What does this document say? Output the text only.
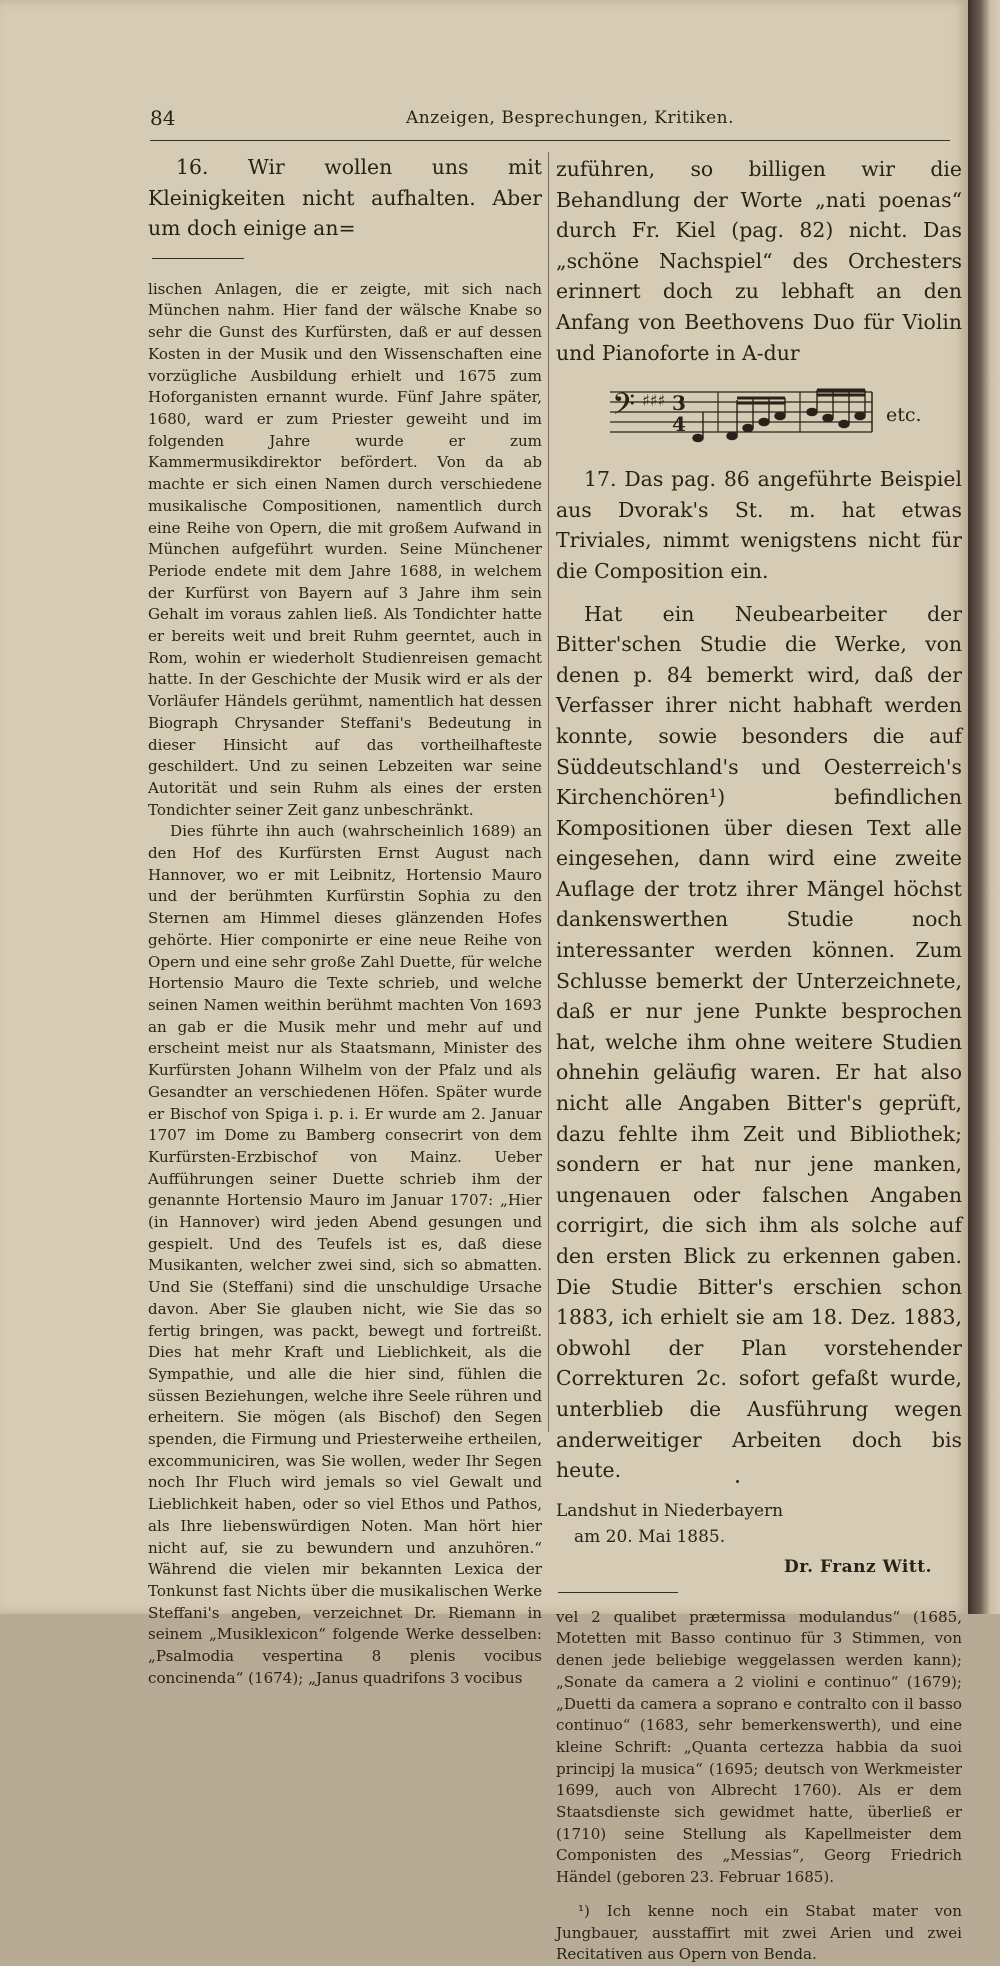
84	Anzeigen, Besprechungen, Kritiken.

16. Wir wollen uns mit Kleinigkeiten nicht aufhalten. Aber um doch einige an=

lischen Anlagen, die er zeigte, mit sich nach München nahm. Hier fand der wälsche Knabe so sehr die Gunst des Kurfürsten, daß er auf dessen Kosten in der Musik und den Wissenschaften eine vorzügliche Ausbildung erhielt und 1675 zum Hoforganisten ernannt wurde. Fünf Jahre später, 1680, ward er zum Priester geweiht und im folgenden Jahre wurde er zum Kammermusikdirektor befördert. Von da ab machte er sich einen Namen durch verschiedene musikalische Compositionen, namentlich durch eine Reihe von Opern, die mit großem Aufwand in München aufgeführt wurden. Seine Münchener Periode endete mit dem Jahre 1688, in welchem der Kurfürst von Bayern auf 3 Jahre ihm sein Gehalt im voraus zahlen ließ. Als Tondichter hatte er bereits weit und breit Ruhm geerntet, auch in Rom, wohin er wiederholt Studienreisen gemacht hatte. In der Geschichte der Musik wird er als der Vorläufer Händels gerühmt, namentlich hat dessen Biograph Chrysander Steffani's Bedeutung in dieser Hinsicht auf das vortheilhafteste geschildert. Und zu seinen Lebzeiten war seine Autorität und sein Ruhm als eines der ersten Tondichter seiner Zeit ganz unbeschränkt.

Dies führte ihn auch (wahrscheinlich 1689) an den Hof des Kurfürsten Ernst August nach Hannover, wo er mit Leibnitz, Hortensio Mauro und der berühmten Kurfürstin Sophia zu den Sternen am Himmel dieses glänzenden Hofes gehörte. Hier componirte er eine neue Reihe von Opern und eine sehr große Zahl Duette, für welche Hortensio Mauro die Texte schrieb, und welche seinen Namen weithin berühmt machten Von 1693 an gab er die Musik mehr und mehr auf und erscheint meist nur als Staatsmann, Minister des Kurfürsten Johann Wilhelm von der Pfalz und als Gesandter an verschiedenen Höfen. Später wurde er Bischof von Spiga i. p. i. Er wurde am 2. Januar 1707 im Dome zu Bamberg consecrirt von dem Kurfürsten-Erzbischof von Mainz. Ueber Aufführungen seiner Duette schrieb ihm der genannte Hortensio Mauro im Januar 1707: „Hier (in Hannover) wird jeden Abend gesungen und gespielt. Und des Teufels ist es, daß diese Musikanten, welcher zwei sind, sich so abmatten. Und Sie (Steffani) sind die unschuldige Ursache davon. Aber Sie glauben nicht, wie Sie das so fertig bringen, was packt, bewegt und fortreißt. Dies hat mehr Kraft und Lieblichkeit, als die Sympathie, und alle die hier sind, fühlen die süssen Beziehungen, welche ihre Seele rühren und erheitern. Sie mögen (als Bischof) den Segen spenden, die Firmung und Priesterweihe ertheilen, excommuniciren, was Sie wollen, weder Ihr Segen noch Ihr Fluch wird jemals so viel Gewalt und Lieblichkeit haben, oder so viel Ethos und Pathos, als Ihre liebenswürdigen Noten. Man hört hier nicht auf, sie zu bewundern und anzuhören.“ Während die vielen mir bekannten Lexica der Tonkunst fast Nichts über die musikalischen Werke Steffani's angeben, verzeichnet Dr. Riemann in seinem „Musiklexicon“ folgende Werke desselben: „Psalmodia vespertina 8 plenis vocibus concinenda“ (1674); „Janus quadrifons 3 vocibus

zuführen, so billigen wir die Behandlung der Worte „nati poenas“ durch Fr. Kiel (pag. 82) nicht. Das „schöne Nachspiel“ des Orchesters erinnert doch zu lebhaft an den Anfang von Beethovens Duo für Violin und Pianoforte in A-dur

𝄢 ♯♯♯ 3
4	etc.

17. Das pag. 86 angeführte Beispiel aus Dvorak's St. m. hat etwas Triviales, nimmt wenigstens nicht für die Composition ein.

Hat ein Neubearbeiter der Bitter'schen Studie die Werke, von denen p. 84 bemerkt wird, daß der Verfasser ihrer nicht habhaft werden konnte, sowie besonders die auf Süddeutschland's und Oesterreich's Kirchenchören¹) befindlichen Kompositionen über diesen Text alle eingesehen, dann wird eine zweite Auflage der trotz ihrer Mängel höchst dankenswerthen Studie noch interessanter werden können. Zum Schlusse bemerkt der Unterzeichnete, daß er nur jene Punkte besprochen hat, welche ihm ohne weitere Studien ohnehin geläufig waren. Er hat also nicht alle Angaben Bitter's geprüft, dazu fehlte ihm Zeit und Bibliothek; sondern er hat nur jene manken, ungenauen oder falschen Angaben corrigirt, die sich ihm als solche auf den ersten Blick zu erkennen gaben. Die Studie Bitter's erschien schon 1883, ich erhielt sie am 18. Dez. 1883, obwohl der Plan vorstehender Correkturen 2c. sofort gefaßt wurde, unterblieb die Ausführung wegen anderweitiger Arbeiten doch bis heute.

Landshut in Niederbayern

am 20. Mai 1885.

Dr. Franz Witt.

vel 2 qualibet prætermissa modulandus“ (1685, Motetten mit Basso continuo für 3 Stimmen, von denen jede beliebige weggelassen werden kann); „Sonate da camera a 2 violini e continuo“ (1679); „Duetti da camera a soprano e contralto con il basso continuo“ (1683, sehr bemerkenswerth), und eine kleine Schrift: „Quanta certezza habbia da suoi principj la musica“ (1695; deutsch von Werkmeister 1699, auch von Albrecht 1760). Als er dem Staatsdienste sich gewidmet hatte, überließ er (1710) seine Stellung als Kapellmeister dem Componisten des „Messias“, Georg Friedrich Händel (geboren 23. Februar 1685).

¹) Ich kenne noch ein Stabat mater von Jungbauer, ausstaffirt mit zwei Arien und zwei Recitativen aus Opern von Benda.
